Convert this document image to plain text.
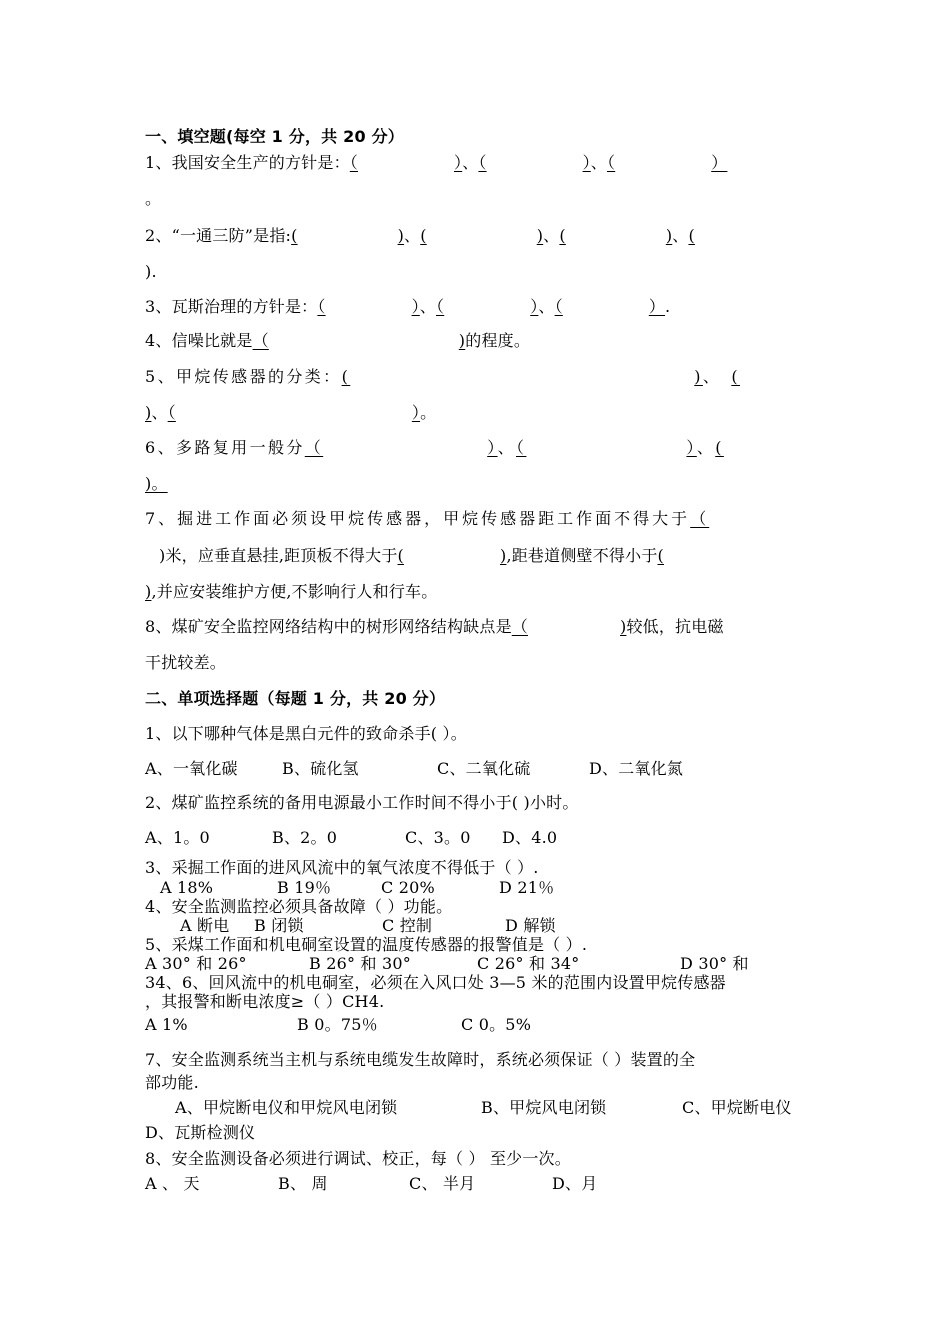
一、填空题(每空 1 分，共 20 分）
1、我国安全生产的方针是：（	）、（	）、（	）
。
2、“一通三防”是指:(	)、(	)、(	)、(
).
3、瓦斯治理的方针是：（	）、（	）、（	）.
4、信噪比就是（	)的程度。
5、甲烷传感器的分类：(	)、 (
)、（	）。
6、多路复用一般分（	）、（	）、(
)。
7、掘进工作面必须设甲烷传感器，甲烷传感器距工作面不得大于（
)米，应垂直悬挂,距顶板不得大于(	),距巷道侧壁不得小于(
),并应安装维护方便,不影响行人和行车。
8、煤矿安全监控网络结构中的树形网络结构缺点是（	)较低，抗电磁
干扰较差。
二、单项选择题（每题 1 分，共 20 分）
1、以下哪种气体是黑白元件的致命杀手( ）。
A、一氧化碳	B、硫化氢	C、二氧化硫	D、二氧化氮
2、煤矿监控系统的备用电源最小工作时间不得小于( )小时。
A、1。0	B、2。0	C、3。0 D、4.0
3、采掘工作面的进风风流中的氧气浓度不得低于（ ）.
A 18%	B 19％	C 20%	D 21％
4、安全监测监控必须具备故障（ ）功能。
A 断电 B 闭锁	C 控制	D 解锁
5、采煤工作面和机电硐室设置的温度传感器的报警值是（ ）.
A 30° 和 26°	B 26° 和 30°	C 26° 和 34°	D 30° 和
34、6、回风流中的机电硐室，必须在入风口处 3—5 米的范围内设置甲烷传感器
，其报警和断电浓度≥（ ）CH4.
A 1%	B 0。75％	C 0。5%
7、安全监测系统当主机与系统电缆发生故障时，系统必须保证（ ）装置的全
部功能.
A、甲烷断电仪和甲烷风电闭锁	B、甲烷风电闭锁	C、甲烷断电仪
D、瓦斯检测仪
8、安全监测设备必须进行调试、校正，每（ ） 至少一次。
A 、 天	B、 周	C、 半月	D、月
